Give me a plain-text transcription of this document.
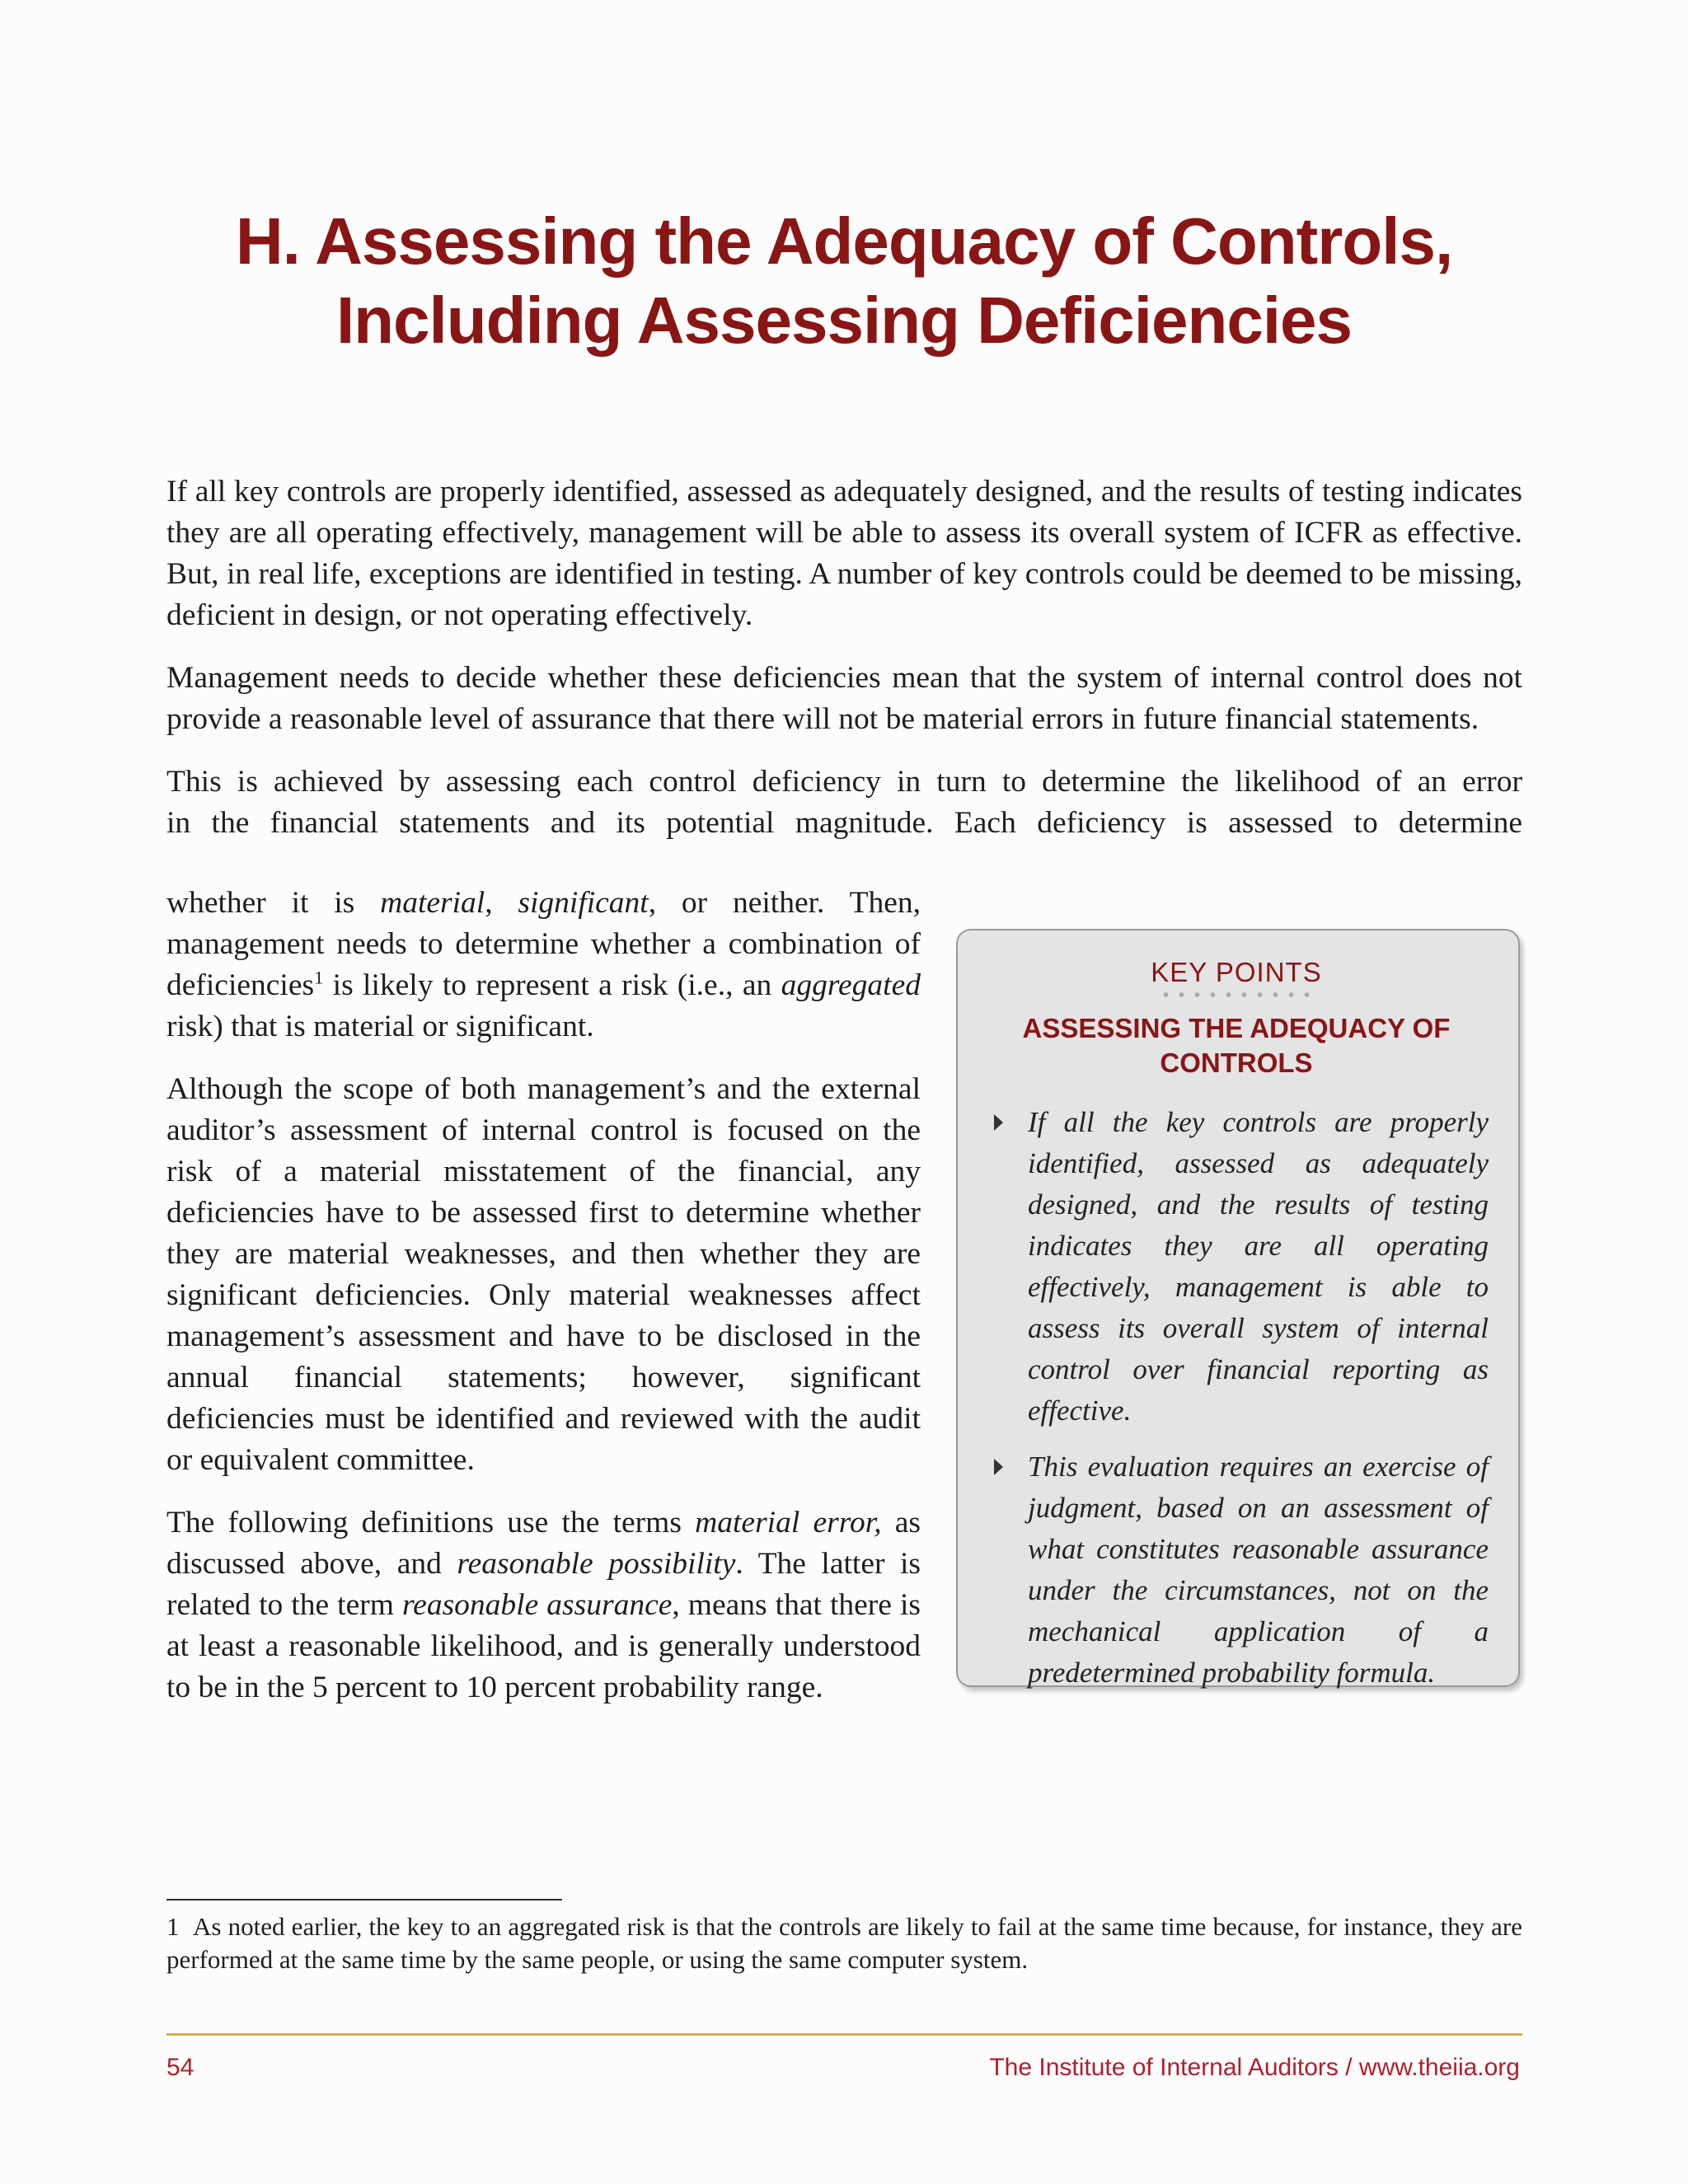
H. Assessing the Adequacy of Controls,
Including Assessing Deficiencies

If all key controls are properly identified, assessed as adequately designed, and the results of testing indicates they are all operating effectively, management will be able to assess its overall system of ICFR as effective. But, in real life, exceptions are identified in testing. A number of key controls could be deemed to be missing, deficient in design, or not operating effectively.

Management needs to decide whether these deficiencies mean that the system of internal control does not provide a reasonable level of assurance that there will not be material errors in future financial statements.

This is achieved by assessing each control deficiency in turn to determine the likelihood of an error

in the financial statements and its potential magnitude. Each deficiency is assessed to determine

whether it is material, significant, or neither. Then, management needs to determine whether a combination of deficiencies$^1$ is likely to represent a risk (i.e., an aggregated risk) that is material or significant.

Although the scope of both management’s and the external auditor’s assessment of internal control is focused on the risk of a material misstatement of the financial, any deficiencies have to be assessed first to determine whether they are material weaknesses, and then whether they are significant deficiencies. Only material weaknesses affect management’s assessment and have to be disclosed in the annual financial statements; however, significant deficiencies must be identified and reviewed with the audit or equivalent committee.

The following definitions use the terms material error, as discussed above, and reasonable possibility. The latter is related to the term reasonable assurance, means that there is at least a reasonable likelihood, and is generally understood to be in the 5 percent to 10 percent probability range.

KEY POINTS
ASSESSING THE ADEQUACY OF CONTROLS
If all the key controls are properly identified, assessed as adequately designed, and the results of testing indicates they are all operating effectively, management is able to assess its overall system of internal control over financial reporting as effective.
This evaluation requires an exercise of judgment, based on an assessment of what constitutes reasonable assurance under the circumstances, not on the mechanical application of a predetermined probability formula.

1 As noted earlier, the key to an aggregated risk is that the controls are likely to fail at the same time because, for instance, they are performed at the same time by the same people, or using the same computer system.

54	The Institute of Internal Auditors / www.theiia.org
